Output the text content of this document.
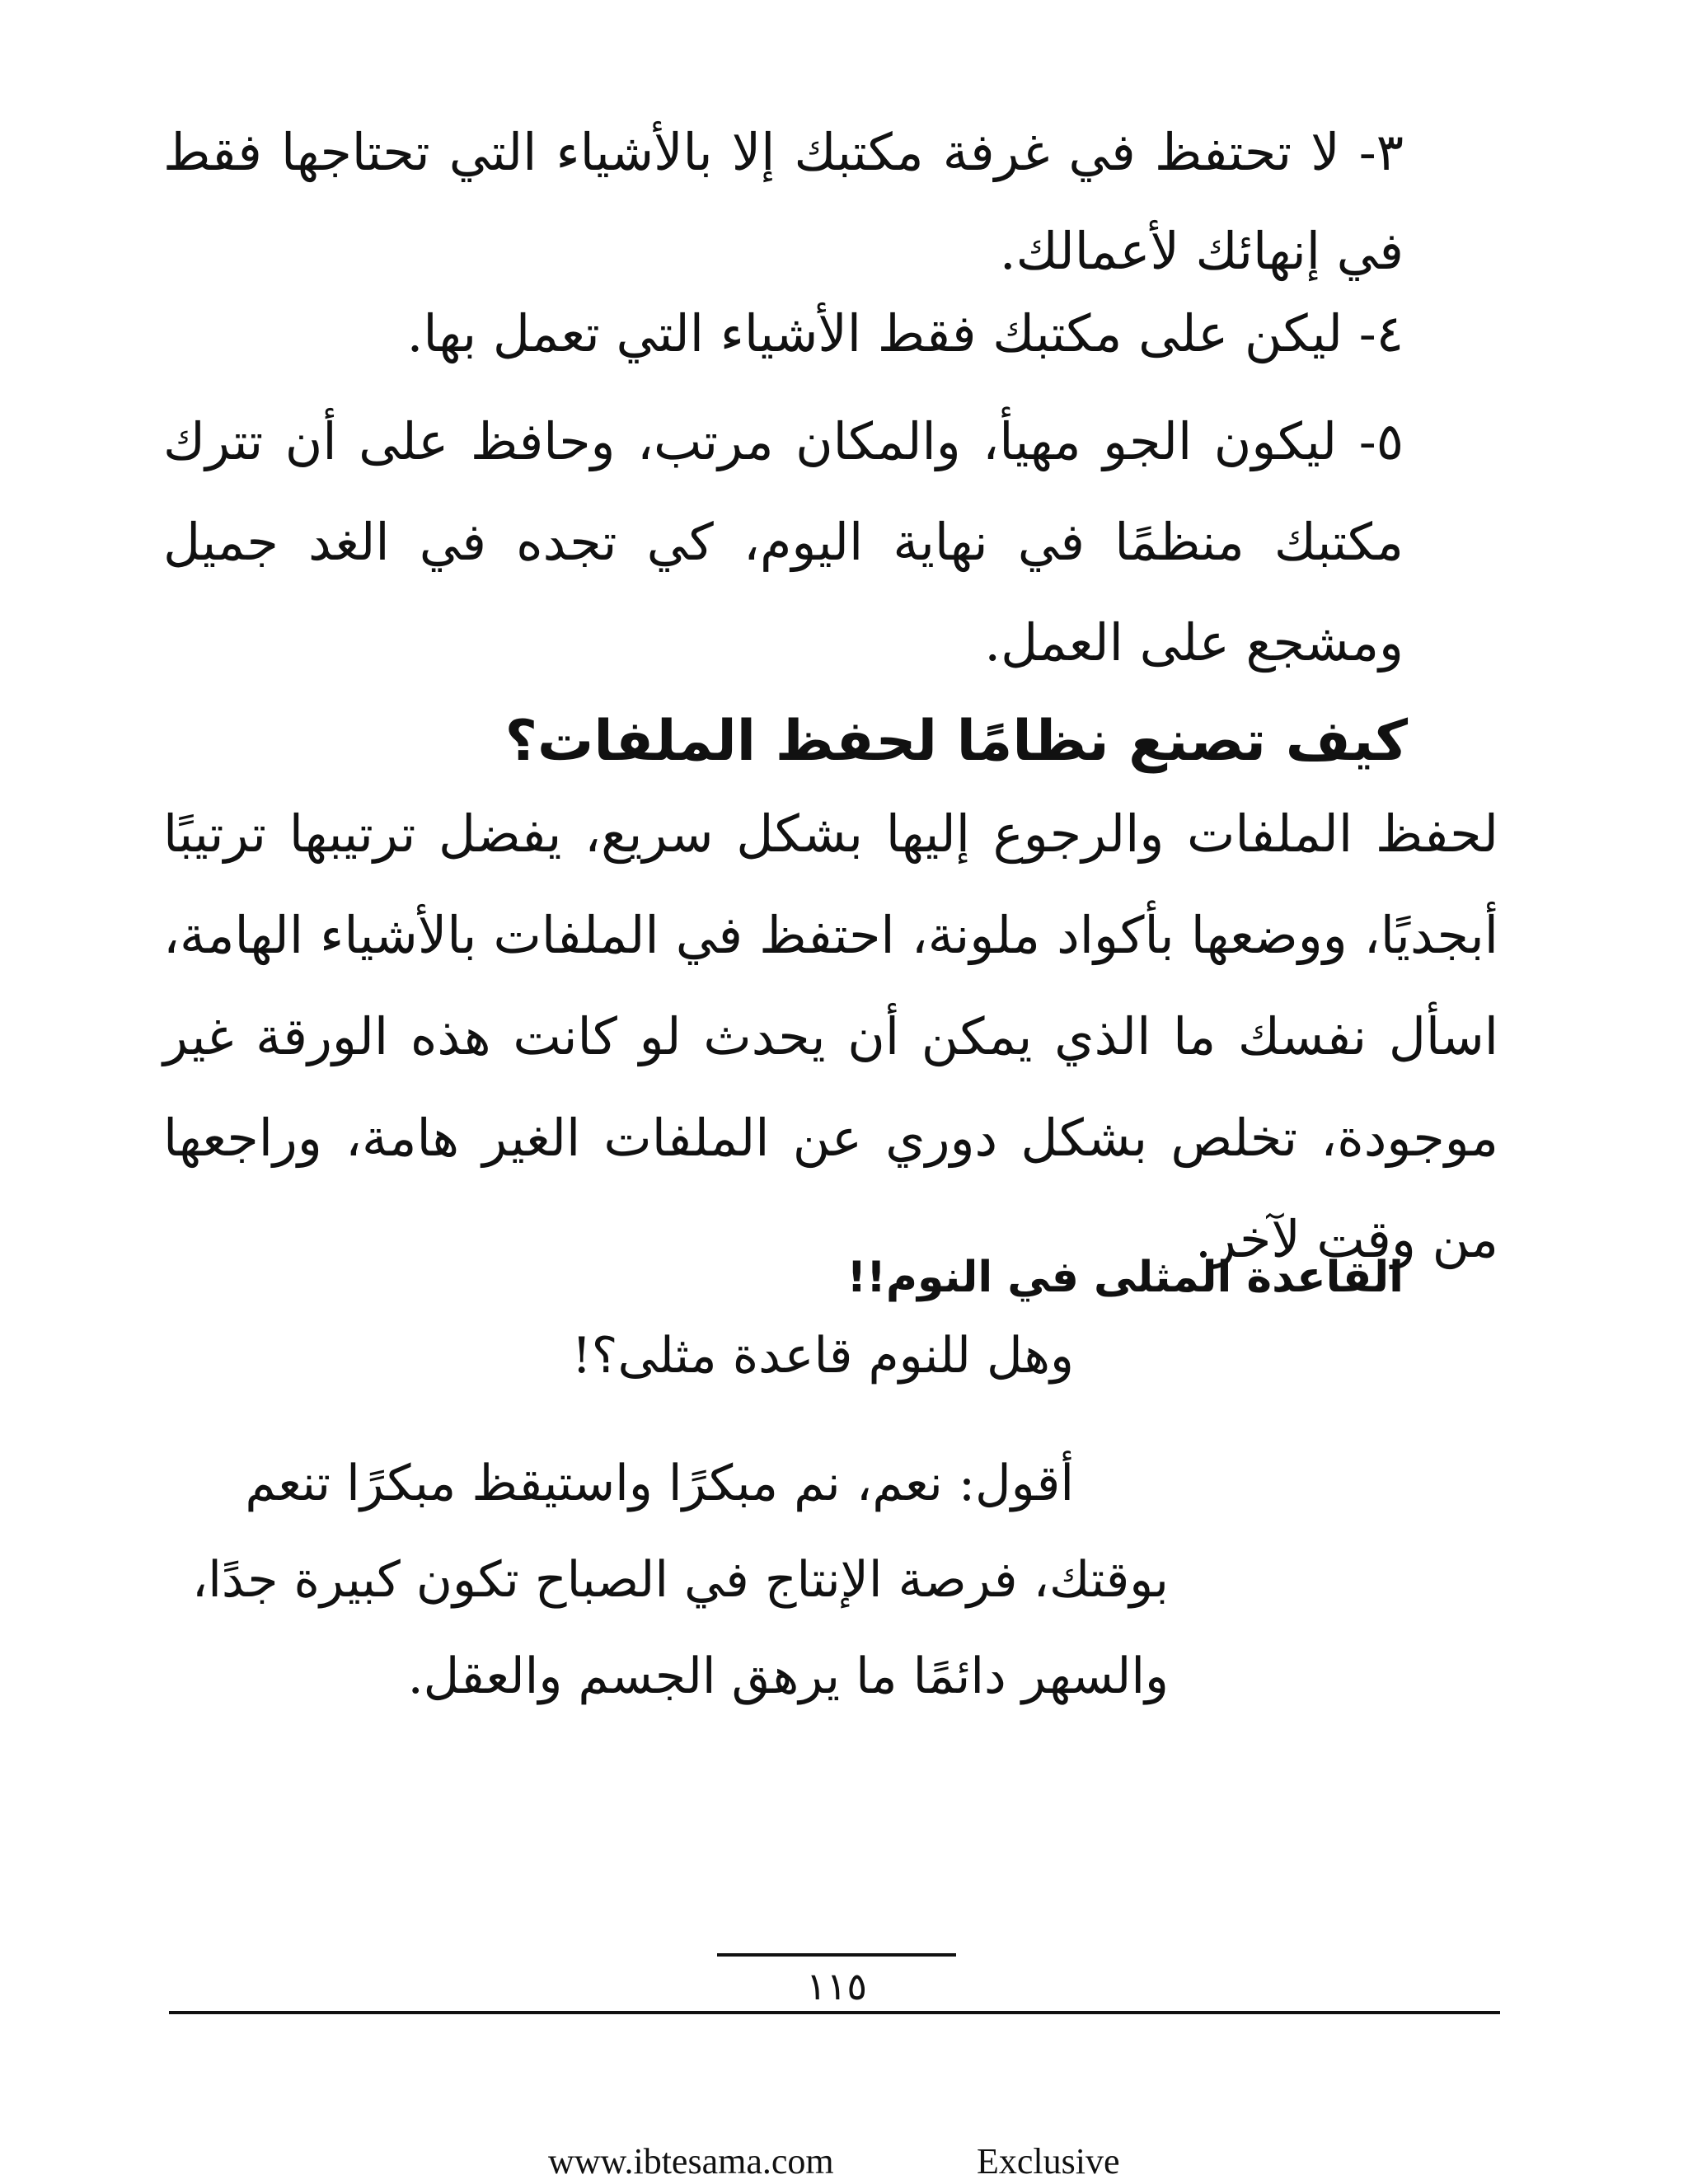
٣- لا تحتفظ في غرفة مكتبك إلا بالأشياء التي تحتاجها فقط في إنهائك لأعمالك.
٤- ليكن على مكتبك فقط الأشياء التي تعمل بها.
٥- ليكون الجو مهيأ، والمكان مرتب، وحافظ على أن تترك مكتبك منظمًا في نهاية اليوم، كي تجده في الغد جميل ومشجع على العمل.
كيف تصنع نظامًا لحفظ الملفات؟
لحفظ الملفات والرجوع إليها بشكل سريع، يفضل ترتيبها ترتيبًا أبجديًا، ووضعها بأكواد ملونة، احتفظ في الملفات بالأشياء الهامة، اسأل نفسك ما الذي يمكن أن يحدث لو كانت هذه الورقة غير موجودة، تخلص بشكل دوري عن الملفات الغير هامة، وراجعها من وقت لآخر.
القاعدة المثلى في النوم!!
وهل للنوم قاعدة مثلى؟!
أقول: نعم، نم مبكرًا واستيقظ مبكرًا تنعم
بوقتك، فرصة الإنتاج في الصباح تكون كبيرة جدًا،
والسهر دائمًا ما يرهق الجسم والعقل.
١١٥
www.ibtesama.com	Exclusive
